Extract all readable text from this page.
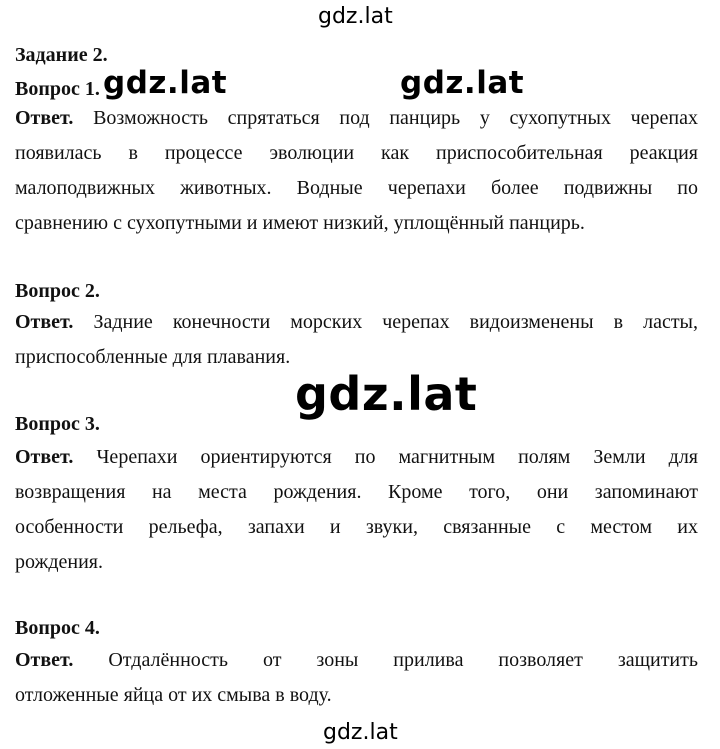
Задание 2.
Вопрос 1.
Ответ. Возможность спрятаться под панцирь у сухопутных черепах
появилась в процессе эволюции как приспособительная реакция
малоподвижных животных. Водные черепахи более подвижны по
сравнению с сухопутными и имеют низкий, уплощённый панцирь.
Вопрос 2.
Ответ. Задние конечности морских черепах видоизменены в ласты,
приспособленные для плавания.
Вопрос 3.
Ответ. Черепахи ориентируются по магнитным полям Земли для
возвращения на места рождения. Кроме того, они запоминают
особенности рельефа, запахи и звуки, связанные с местом их
рождения.
Вопрос 4.
Ответ. Отдалённость от зоны прилива позволяет защитить
отложенные яйца от их смыва в воду.
gdz.lat
gdz.lat	gdz.lat
gdz.lat
gdz.lat
